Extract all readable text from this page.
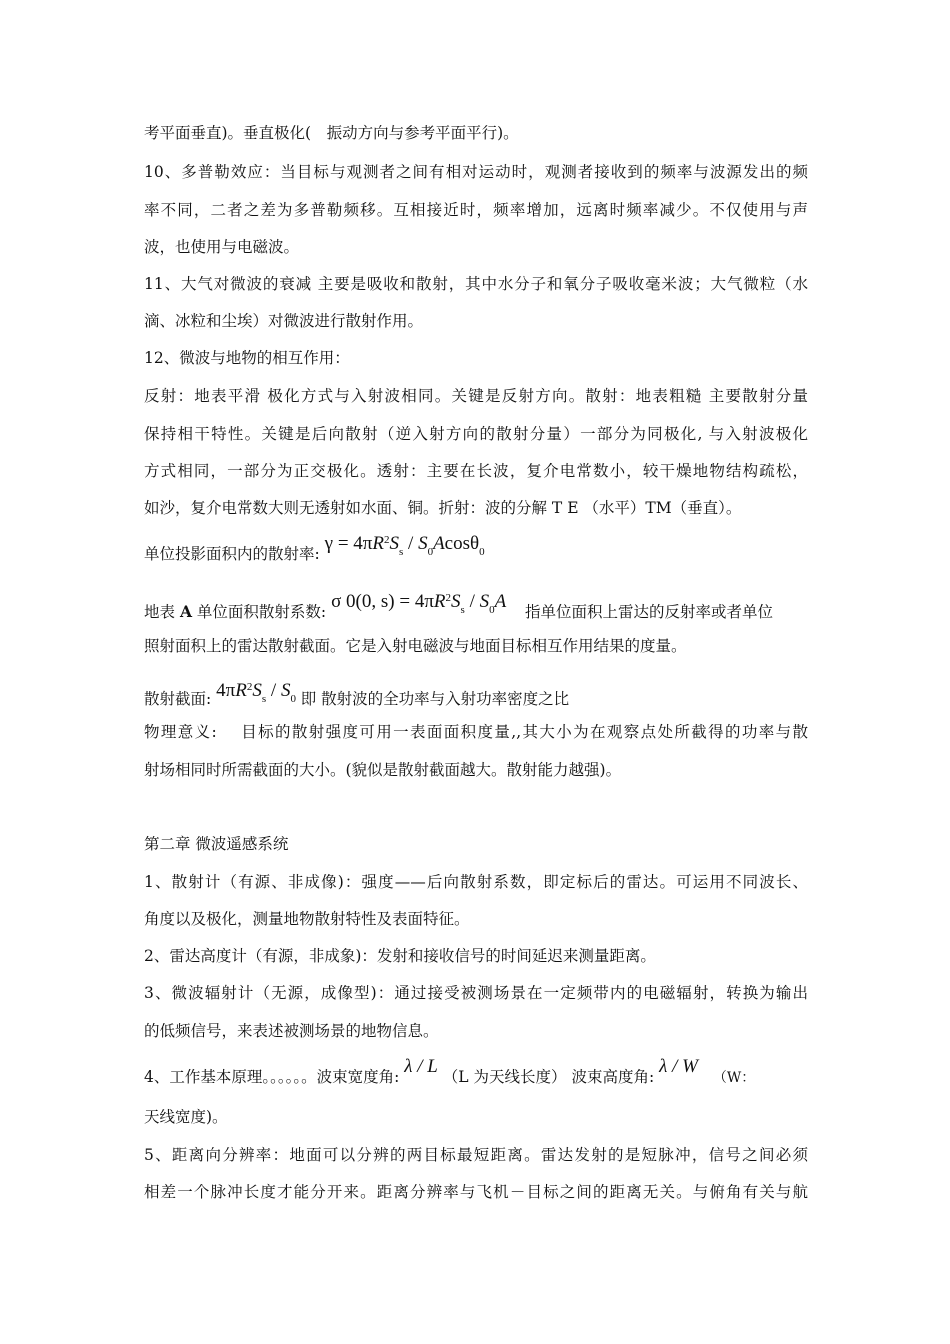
考平面垂直)。垂直极化(　振动方向与参考平面平行)。
10、多普勒效应：当目标与观测者之间有相对运动时，观测者接收到的频率与波源发出的频
率不同，二者之差为多普勒频移。互相接近时，频率增加，远离时频率减少。不仅使用与声
波，也使用与电磁波。
11、大气对微波的衰减 主要是吸收和散射，其中水分子和氧分子吸收毫米波；大气微粒（水
滴、冰粒和尘埃）对微波进行散射作用。
12、微波与地物的相互作用：
反射：地表平滑 极化方式与入射波相同。关键是反射方向。散射：地表粗糙 主要散射分量
保持相干特性。关键是后向散射（逆入射方向的散射分量）一部分为同极化, 与入射波极化
方式相同，一部分为正交极化。透射：主要在长波，复介电常数小，较干燥地物结构疏松，
如沙，复介电常数大则无透射如水面、铜。折射：波的分解 T E （水平）TM（垂直）。
单位投影面积内的散射率: $\gamma = 4\pi R^2S_s / S_0Acos\theta_0$
地表 A 单位面积散射系数: σ 0(0, $s) = 4\pi R^2S_s / S_0A$ 指单位面积上雷达的反射率或者单位
照射面积上的雷达散射截面。它是入射电磁波与地面目标相互作用结果的度量。
散射截面: $4\pi R^2S_s / S_0$ 即 散射波的全功率与入射功率密度之比
物理意义:　 目标的散射强度可用一表面面积度量,,其大小为在观察点处所截得的功率与散
射场相同时所需截面的大小。(貌似是散射截面越大。散射能力越强)。
第二章 微波遥感系统
1、散射计（有源、非成像)：强度——后向散射系数，即定标后的雷达。可运用不同波长、
角度以及极化，测量地物散射特性及表面特征。
2、雷达高度计（有源，非成象)：发射和接收信号的时间延迟来测量距离。
3、微波辐射计（无源，成像型)：通过接受被测场景在一定频带内的电磁辐射，转换为输出
的低频信号，来表述被测场景的地物信息。
4、工作基本原理。。。。。。波束宽度角: λ / L （L 为天线长度） 波束高度角: λ / W （W：
天线宽度)。
5、距离向分辨率：地面可以分辨的两目标最短距离。雷达发射的是短脉冲，信号之间必须
相差一个脉冲长度才能分开来。距离分辨率与飞机－目标之间的距离无关。与俯角有关与航
